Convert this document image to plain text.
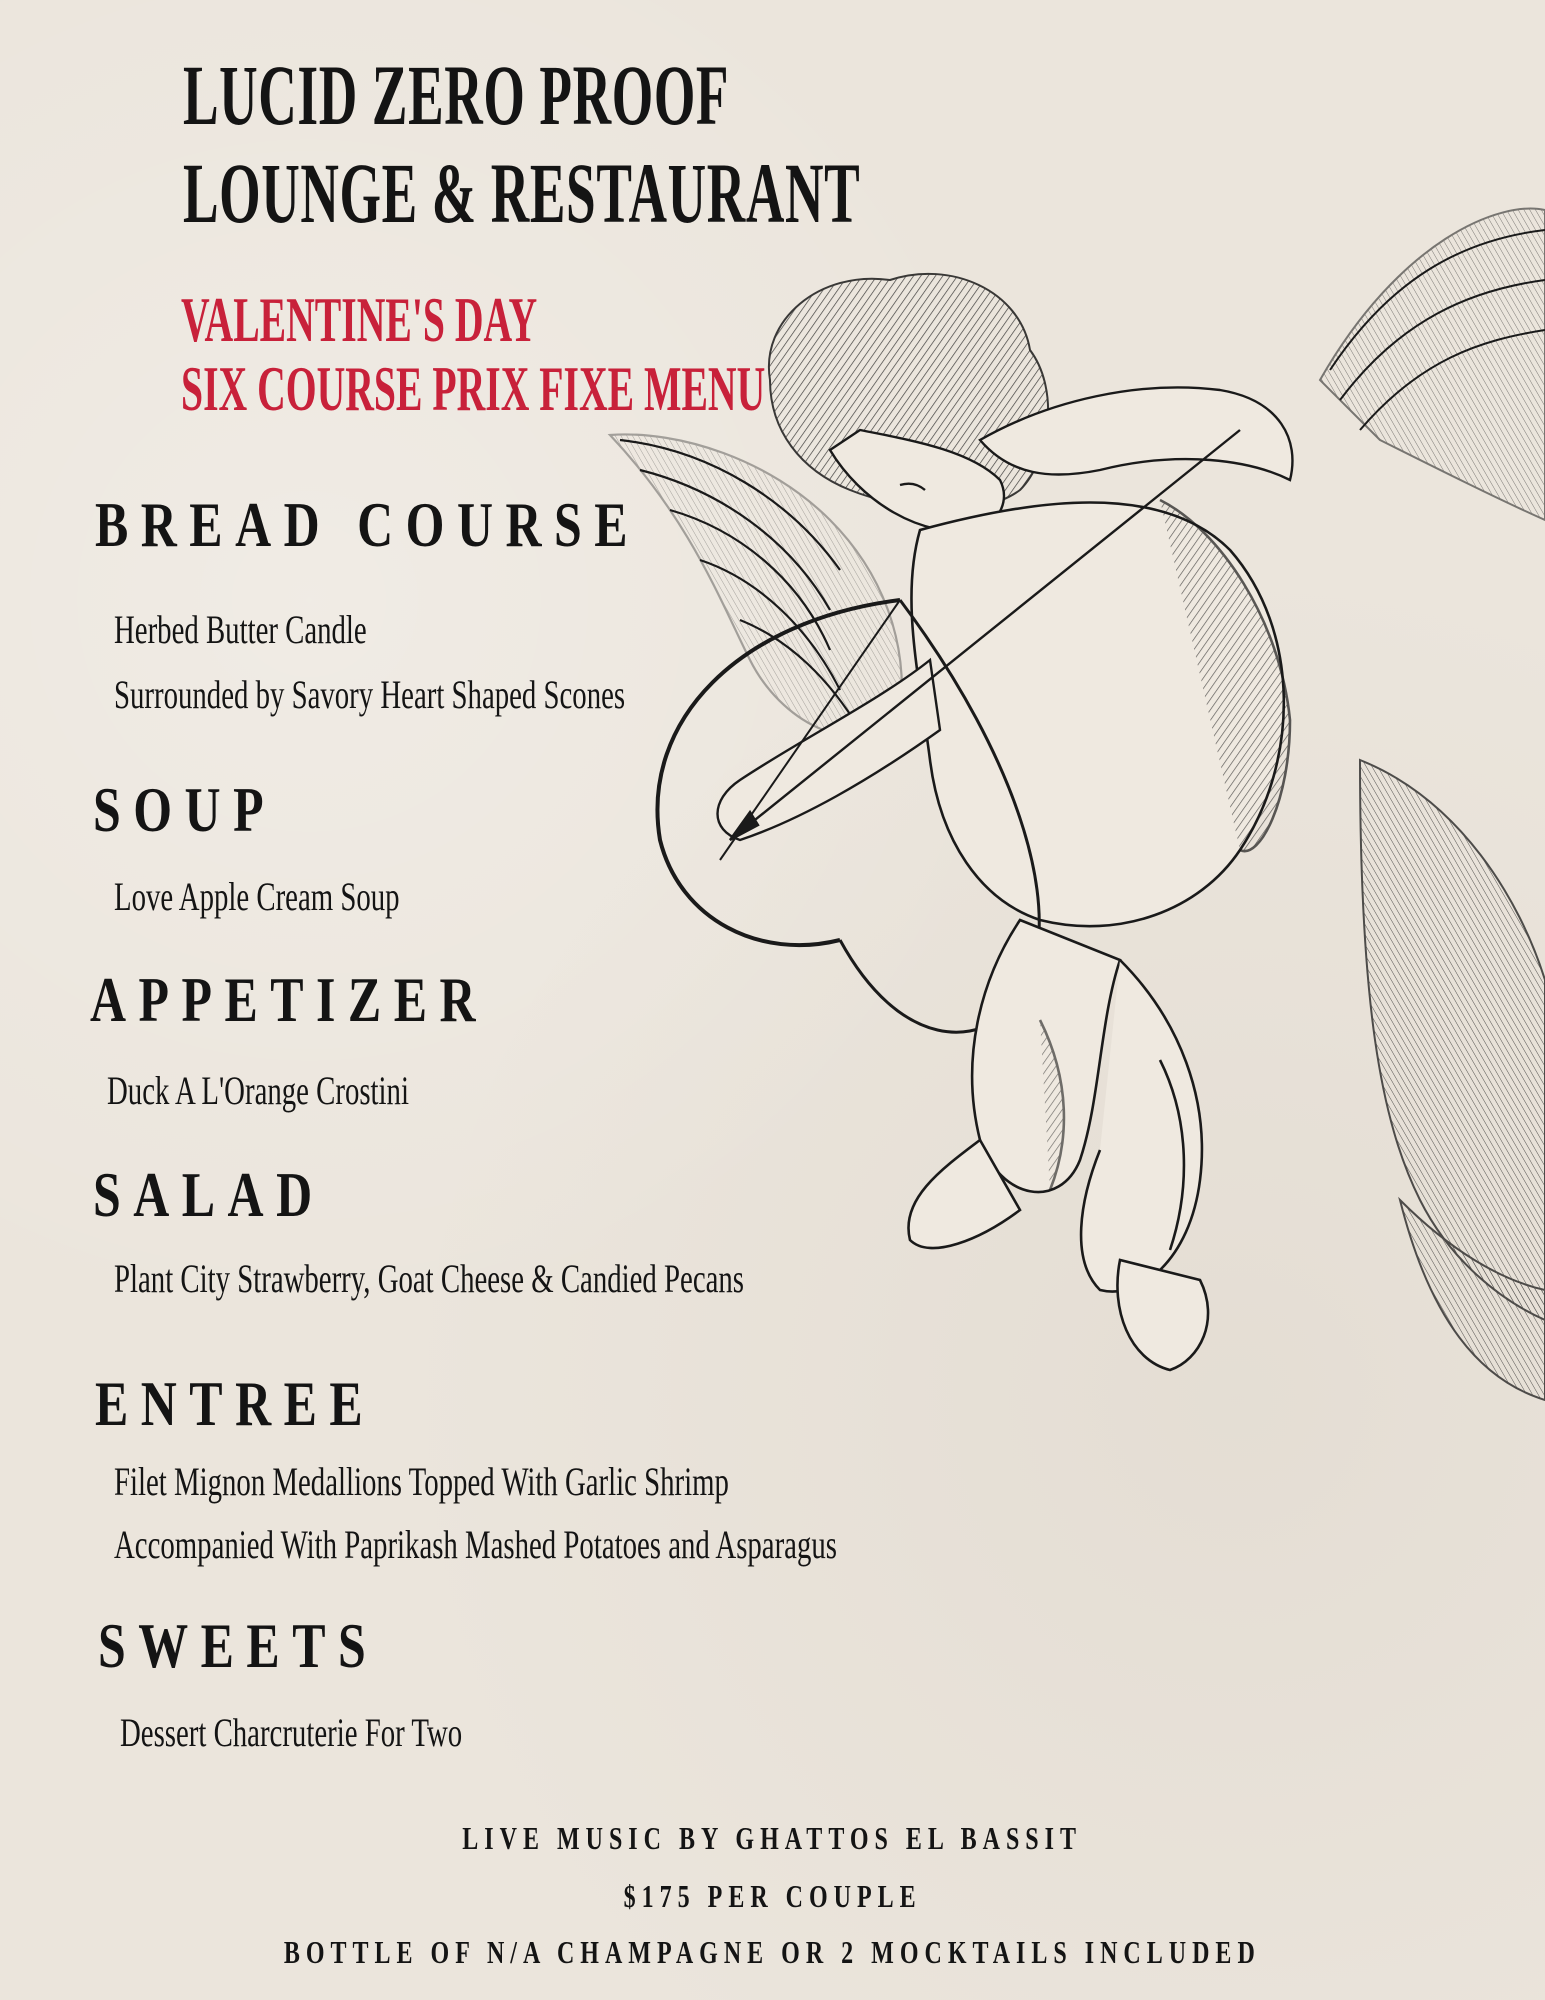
LUCID ZERO PROOF
LOUNGE & RESTAURANT
VALENTINE'S DAY
SIX COURSE PRIX FIXE MENU
BREAD COURSE
Herbed Butter Candle
Surrounded by Savory Heart Shaped Scones
SOUP
Love Apple Cream Soup
APPETIZER
Duck A L'Orange Crostini
SALAD
Plant City Strawberry, Goat Cheese & Candied Pecans
ENTREE
Filet Mignon Medallions Topped With Garlic Shrimp
Accompanied With Paprikash Mashed Potatoes and Asparagus
SWEETS
Dessert Charcruterie For Two
LIVE MUSIC BY GHATTOS EL BASSIT
$175 PER COUPLE
BOTTLE OF N/A CHAMPAGNE OR 2 MOCKTAILS INCLUDED
